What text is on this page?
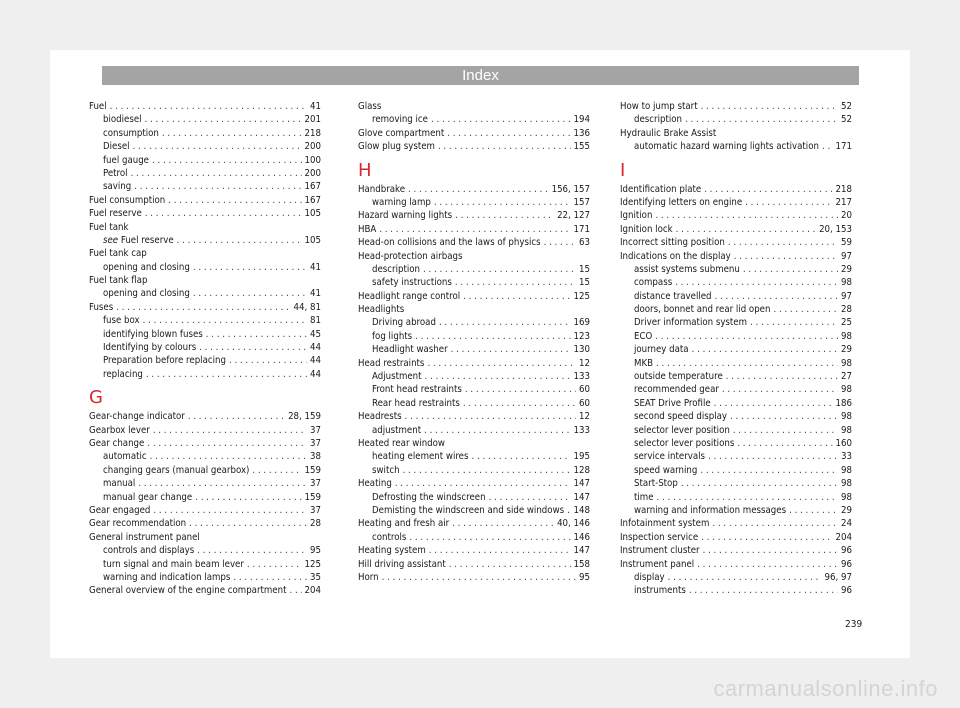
Index
Fuel . . .	41
biodiesel . . .	201
consumption . . .	218
Diesel . . .	200
fuel gauge . . .	100
Petrol . . .	200
saving . . .	167
Fuel consumption . . .	167
Fuel reserve . . .	105
Fuel tank
see Fuel reserve . . .	105
Fuel tank cap
opening and closing . . .	41
Fuel tank flap
opening and closing . . .	41
Fuses . . .	44, 81
fuse box . . .	81
identifying blown fuses . . .	45
Identifying by colours . . .	44
Preparation before replacing . . .	44
replacing . . .	44
G
Gear-change indicator . . .	28, 159
Gearbox lever . . .	37
Gear change . . .	37
automatic . . .	38
changing gears (manual gearbox) . . .	159
manual . . .	37
manual gear change . . .	159
Gear engaged . . .	37
Gear recommendation . . .	28
General instrument panel
controls and displays . . .	95
turn signal and main beam lever . . .	125
warning and indication lamps . . .	35
General overview of the engine compartment . . . 204
Glass
removing ice . . .	194
Glove compartment . . .	136
Glow plug system . . .	155
H
Handbrake . . .	156, 157
warning lamp . . .	157
Hazard warning lights . . .	22, 127
HBA . . .	171
Head-on collisions and the laws of physics . . .	63
Head-protection airbags
description . . .	15
safety instructions . . .	15
Headlight range control . . .	125
Headlights
Driving abroad . . .	169
fog lights . . .	123
Headlight washer . . .	130
Head restraints . . .	12
Adjustment . . .	133
Front head restraints . . .	60
Rear head restraints . . .	60
Headrests . . .	12
adjustment . . .	133
Heated rear window
heating element wires . . .	195
switch . . .	128
Heating . . .	147
Defrosting the windscreen . . .	147
Demisting the windscreen and side windows . . . 148
Heating and fresh air . . .	40, 146
controls . . .	146
Heating system . . .	147
Hill driving assistant . . .	158
Horn . . .	95
How to jump start . . .	52
description . . .	52
Hydraulic Brake Assist
automatic hazard warning lights activation . . . 171
I
Identification plate . . .	218
Identifying letters on engine . . .	217
Ignition . . .	20
Ignition lock . . .	20, 153
Incorrect sitting position . . .	59
Indications on the display . . .	97
assist systems submenu . . .	29
compass . . .	98
distance travelled . . .	97
doors, bonnet and rear lid open . . .	28
Driver information system . . .	25
ECO . . .	98
journey data . . .	29
MKB . . .	98
outside temperature . . .	27
recommended gear . . .	98
SEAT Drive Profile . . .	186
second speed display . . .	98
selector lever position . . .	98
selector lever positions . . .	160
service intervals . . .	33
speed warning . . .	98
Start-Stop . . .	98
time . . .	98
warning and information messages . . .	29
Infotainment system . . .	24
Inspection service . . .	204
Instrument cluster . . .	96
Instrument panel . . .	96
display . . .	96, 97
instruments . . .	96
239
carmanualsonline.info
